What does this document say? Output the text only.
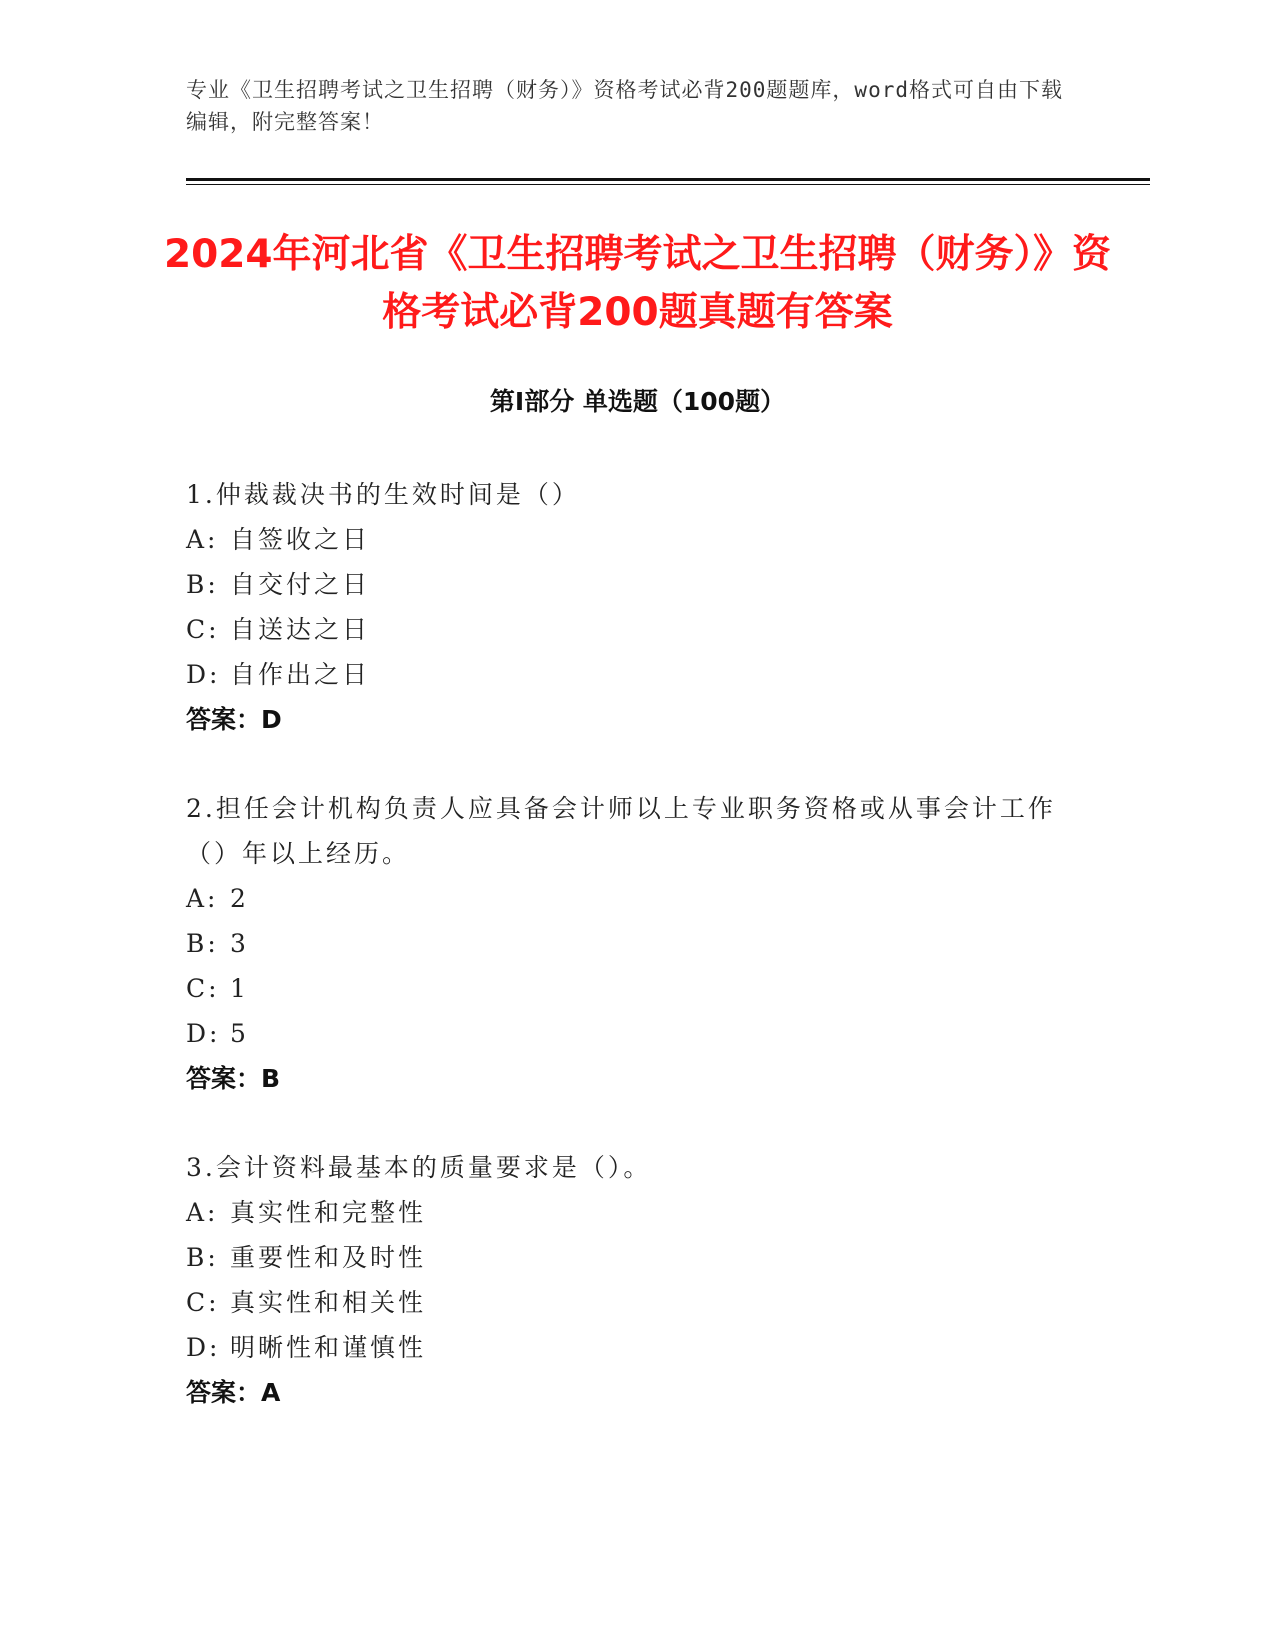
专业《卫生招聘考试之卫生招聘（财务）》资格考试必背200题题库，word格式可自由下载编辑，附完整答案！
2024年河北省《卫生招聘考试之卫生招聘（财务）》资格考试必背200题真题有答案
第I部分 单选题（100题）
1.仲裁裁决书的生效时间是（）
A: 自签收之日
B: 自交付之日
C: 自送达之日
D: 自作出之日
答案：D
2.担任会计机构负责人应具备会计师以上专业职务资格或从事会计工作（）年以上经历。
A: 2
B: 3
C: 1
D: 5
答案：B
3.会计资料最基本的质量要求是（）。
A: 真实性和完整性
B: 重要性和及时性
C: 真实性和相关性
D: 明晰性和谨慎性
答案：A
